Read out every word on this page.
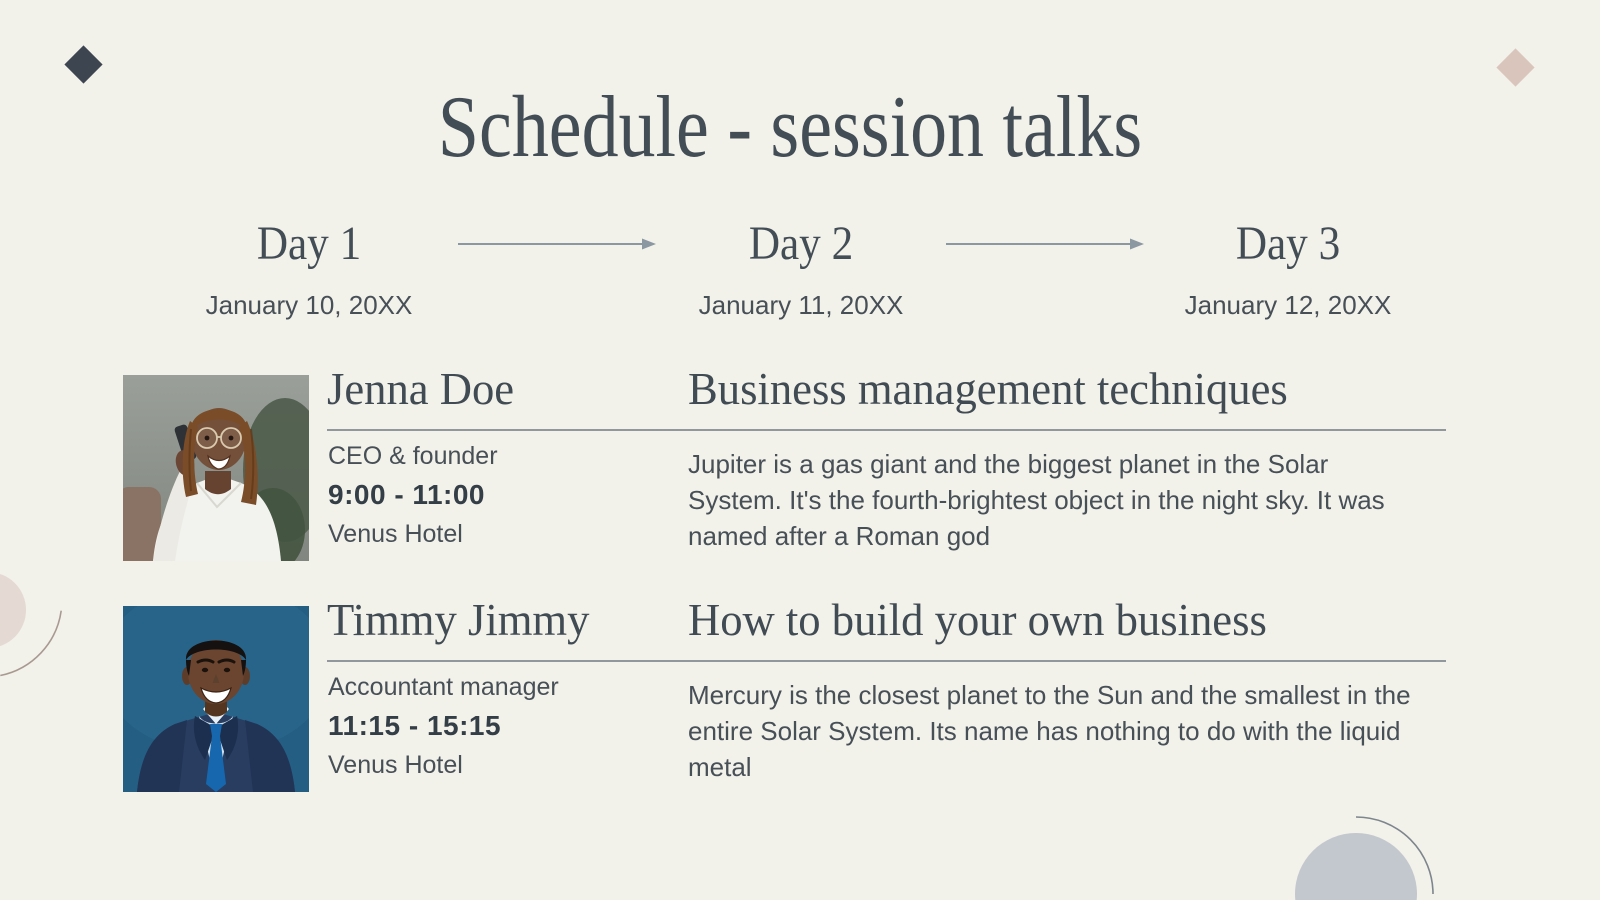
Schedule - session talks
Day 1
January 10, 20XX
Day 2
January 11, 20XX
Day 3
January 12, 20XX
Jenna Doe	Business management techniques
CEO & founder
9:00 - 11:00
Venus Hotel
Jupiter is a gas giant and the biggest planet in the Solar System. It's the fourth-brightest object in the night sky. It was named after a Roman god
Timmy Jimmy How to build your own business
Accountant manager
11:15 - 15:15
Venus Hotel
Mercury is the closest planet to the Sun and the smallest in the entire Solar System. Its name has nothing to do with the liquid metal
